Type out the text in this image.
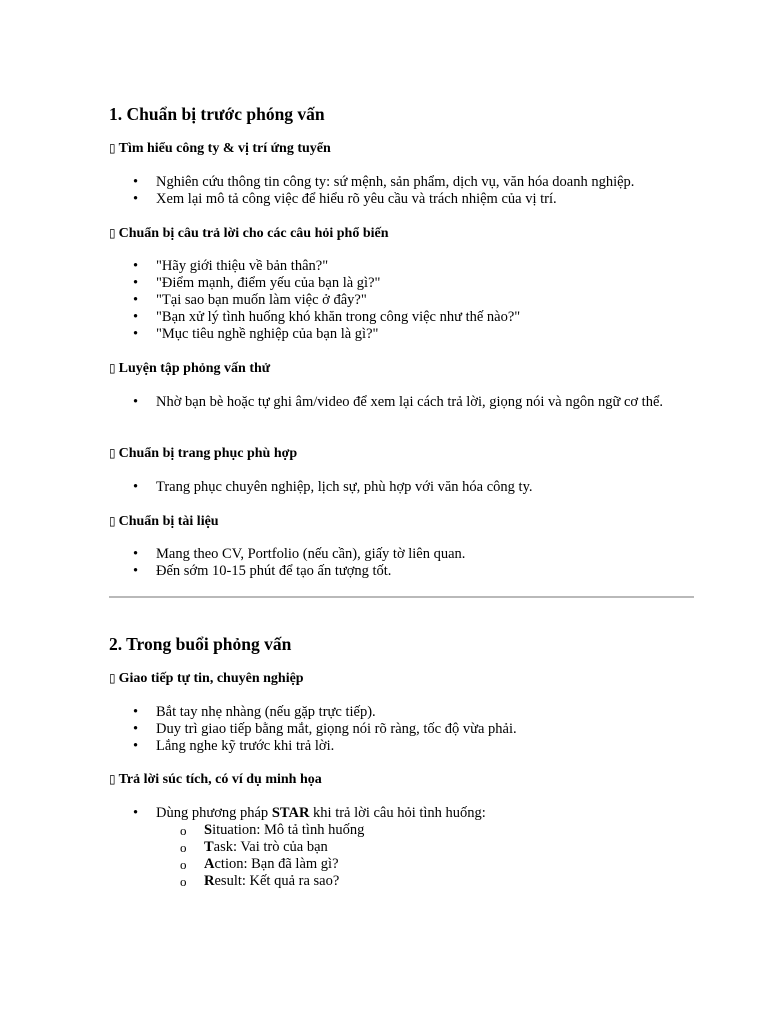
1. Chuẩn bị trước phóng vấn

▯ Tìm hiểu công ty & vị trí ứng tuyển

• Nghiên cứu thông tin công ty: sứ mệnh, sản phẩm, dịch vụ, văn hóa doanh nghiệp.
• Xem lại mô tả công việc để hiểu rõ yêu cầu và trách nhiệm của vị trí.

▯ Chuẩn bị câu trả lời cho các câu hỏi phổ biến

• "Hãy giới thiệu về bản thân?"
• "Điểm mạnh, điểm yếu của bạn là gì?"
• "Tại sao bạn muốn làm việc ở đây?"
• "Bạn xử lý tình huống khó khăn trong công việc như thế nào?"
• "Mục tiêu nghề nghiệp của bạn là gì?"

▯ Luyện tập phỏng vấn thử

• Nhờ bạn bè hoặc tự ghi âm/video để xem lại cách trả lời, giọng nói và ngôn ngữ cơ thể.

▯ Chuẩn bị trang phục phù hợp

• Trang phục chuyên nghiệp, lịch sự, phù hợp với văn hóa công ty.

▯ Chuẩn bị tài liệu

• Mang theo CV, Portfolio (nếu cần), giấy tờ liên quan.
• Đến sớm 10-15 phút để tạo ấn tượng tốt.
2. Trong buổi phỏng vấn

▯ Giao tiếp tự tin, chuyên nghiệp

• Bắt tay nhẹ nhàng (nếu gặp trực tiếp).
• Duy trì giao tiếp bằng mắt, giọng nói rõ ràng, tốc độ vừa phải.
• Lắng nghe kỹ trước khi trả lời.

▯ Trả lời súc tích, có ví dụ minh họa

• Dùng phương pháp STAR khi trả lời câu hỏi tình huống:
o Situation: Mô tả tình huống
o Task: Vai trò của bạn
o Action: Bạn đã làm gì?
o Result: Kết quả ra sao?
